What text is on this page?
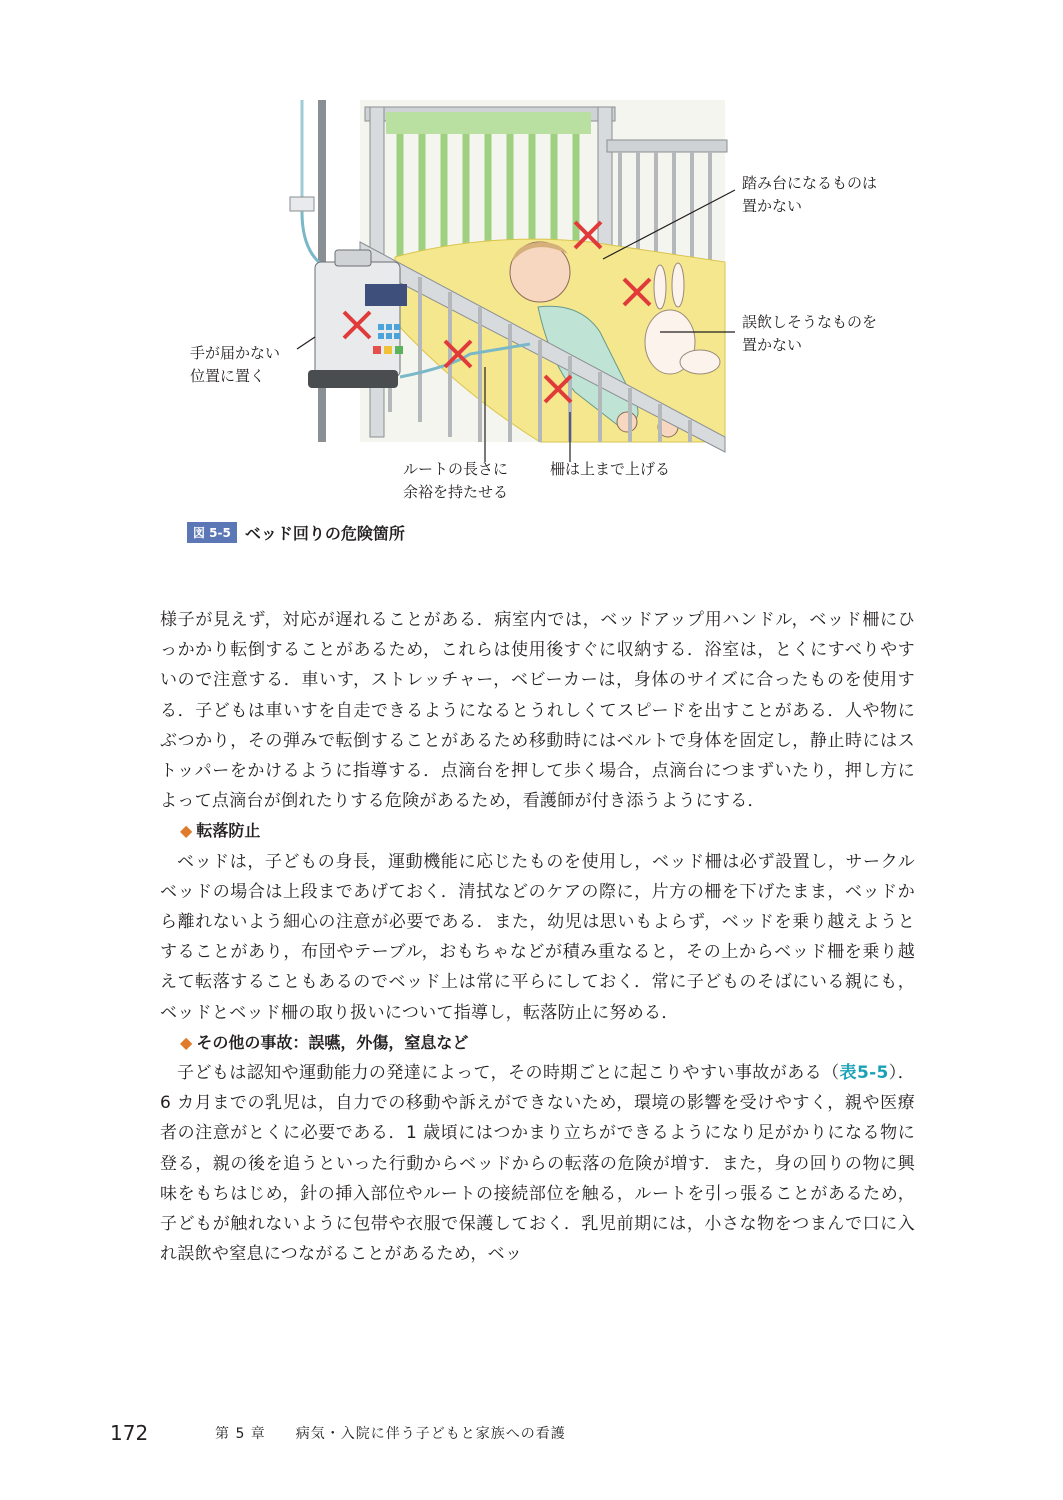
踏み台になるものは
置かない
誤飲しそうなものを
置かない
手が届かない
位置に置く
ルートの長さに
余裕を持たせる
柵は上まで上げる
図 5-5 ベッド回りの危険箇所

様子が見えず，対応が遅れることがある．病室内では，ベッドアップ用ハンドル，ベッド柵にひっかかり転倒することがあるため，これらは使用後すぐに収納する．浴室は，とくにすべりやすいので注意する．車いす，ストレッチャー，ベビーカーは，身体のサイズに合ったものを使用する．子どもは車いすを自走できるようになるとうれしくてスピードを出すことがある．人や物にぶつかり，その弾みで転倒することがあるため移動時にはベルトで身体を固定し，静止時にはストッパーをかけるように指導する．点滴台を押して歩く場合，点滴台につまずいたり，押し方によって点滴台が倒れたりする危険があるため，看護師が付き添うようにする．

◆ 転落防止

ベッドは，子どもの身長，運動機能に応じたものを使用し，ベッド柵は必ず設置し，サークルベッドの場合は上段まであげておく．清拭などのケアの際に，片方の柵を下げたまま，ベッドから離れないよう細心の注意が必要である．また，幼児は思いもよらず，ベッドを乗り越えようとすることがあり，布団やテーブル，おもちゃなどが積み重なると，その上からベッド柵を乗り越えて転落することもあるのでベッド上は常に平らにしておく．常に子どものそばにいる親にも，ベッドとベッド柵の取り扱いについて指導し，転落防止に努める．

◆ その他の事故：誤嚥，外傷，窒息など

子どもは認知や運動能力の発達によって，その時期ごとに起こりやすい事故がある（表5-5）．6 カ月までの乳児は，自力での移動や訴えができないため，環境の影響を受けやすく，親や医療者の注意がとくに必要である．1 歳頃にはつかまり立ちができるようになり足がかりになる物に登る，親の後を追うといった行動からベッドからの転落の危険が増す．また，身の回りの物に興味をもちはじめ，針の挿入部位やルートの接続部位を触る，ルートを引っ張ることがあるため，子どもが触れないように包帯や衣服で保護しておく．乳児前期には，小さな物をつまんで口に入れ誤飲や窒息につながることがあるため，ベッ

172	第 5 章　　病気・入院に伴う子どもと家族への看護
